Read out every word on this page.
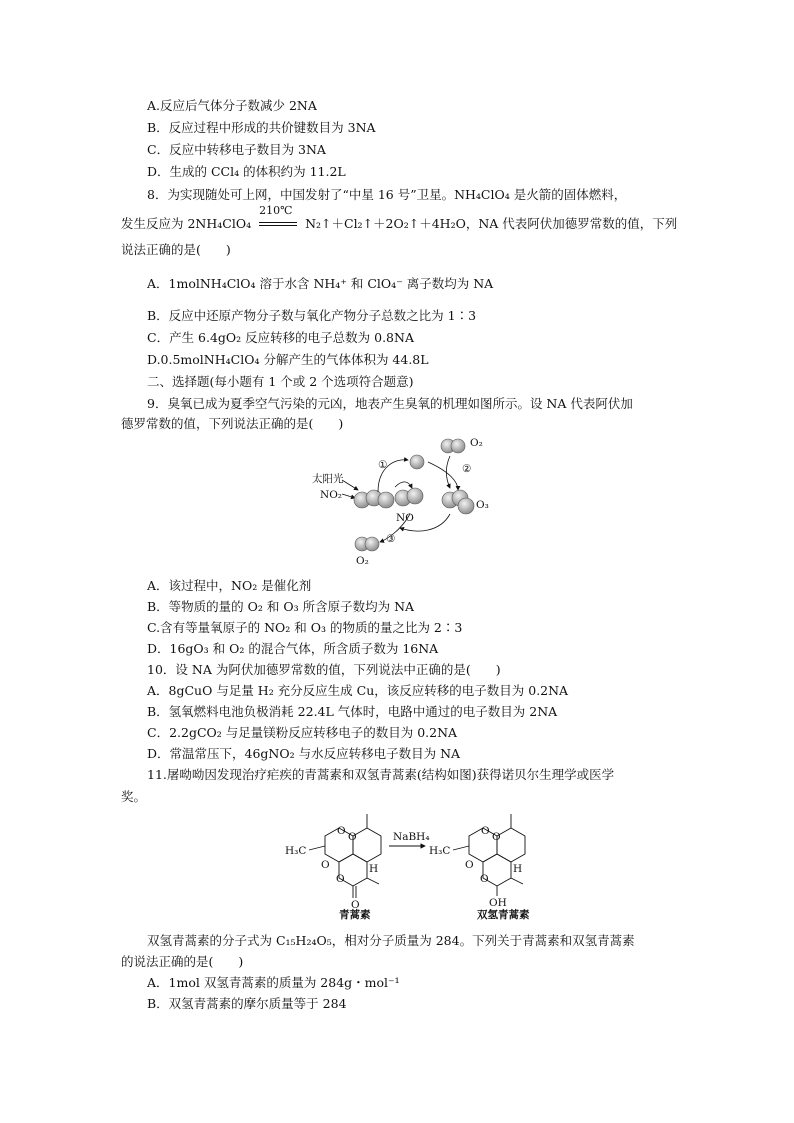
A.反应后气体分子数减少 2NA
B．反应过程中形成的共价键数目为 3NA
C．反应中转移电子数目为 3NA
D．生成的 CCl₄ 的体积约为 11.2L
8．为实现随处可上网，中国发射了“中星 16 号”卫星。NH₄ClO₄ 是火箭的固体燃料，
发生反应为 2NH₄ClO₄
210℃
N₂↑＋Cl₂↑＋2O₂↑＋4H₂O，NA 代表阿伏加德罗常数的值，下列
说法正确的是(　　)
A．1molNH₄ClO₄ 溶于水含 NH₄⁺ 和 ClO₄⁻ 离子数均为 NA
B．反应中还原产物分子数与氧化产物分子总数之比为 1∶3
C．产生 6.4gO₂ 反应转移的电子总数为 0.8NA
D.0.5molNH₄ClO₄ 分解产生的气体体积为 44.8L
二、选择题(每小题有 1 个或 2 个选项符合题意)
9．臭氧已成为夏季空气污染的元凶，地表产生臭氧的机理如图所示。设 NA 代表阿伏加
德罗常数的值，下列说法正确的是(　　)
太阳光
NO₂
NO
①
O₂
②
O₃
③
O₂
A．该过程中，NO₂ 是催化剂
B．等物质的量的 O₂ 和 O₃ 所含原子数均为 NA
C.含有等量氧原子的 NO₂ 和 O₃ 的物质的量之比为 2∶3
D．16gO₃ 和 O₂ 的混合气体，所含质子数为 16NA
10．设 NA 为阿伏加德罗常数的值，下列说法中正确的是(　　)
A．8gCuO 与足量 H₂ 充分反应生成 Cu，该反应转移的电子数目为 0.2NA
B．氢氧燃料电池负极消耗 22.4L 气体时，电路中通过的电子数目为 2NA
C．2.2gCO₂ 与足量镁粉反应转移电子的数目为 0.2NA
D．常温常压下，46gNO₂ 与水反应转移电子数目为 NA
11.屠呦呦因发现治疗疟疾的青蒿素和双氢青蒿素(结构如图)获得诺贝尔生理学或医学
奖。
O
O
O
O
O
H
H₃C
青蒿素
NaBH₄	O
O
O
O
H
OH
H₃C
双氢青蒿素
双氢青蒿素的分子式为 C₁₅H₂₄O₅，相对分子质量为 284。下列关于青蒿素和双氢青蒿素
的说法正确的是(　　)
A．1mol 双氢青蒿素的质量为 284g・mol⁻¹
B．双氢青蒿素的摩尔质量等于 284
